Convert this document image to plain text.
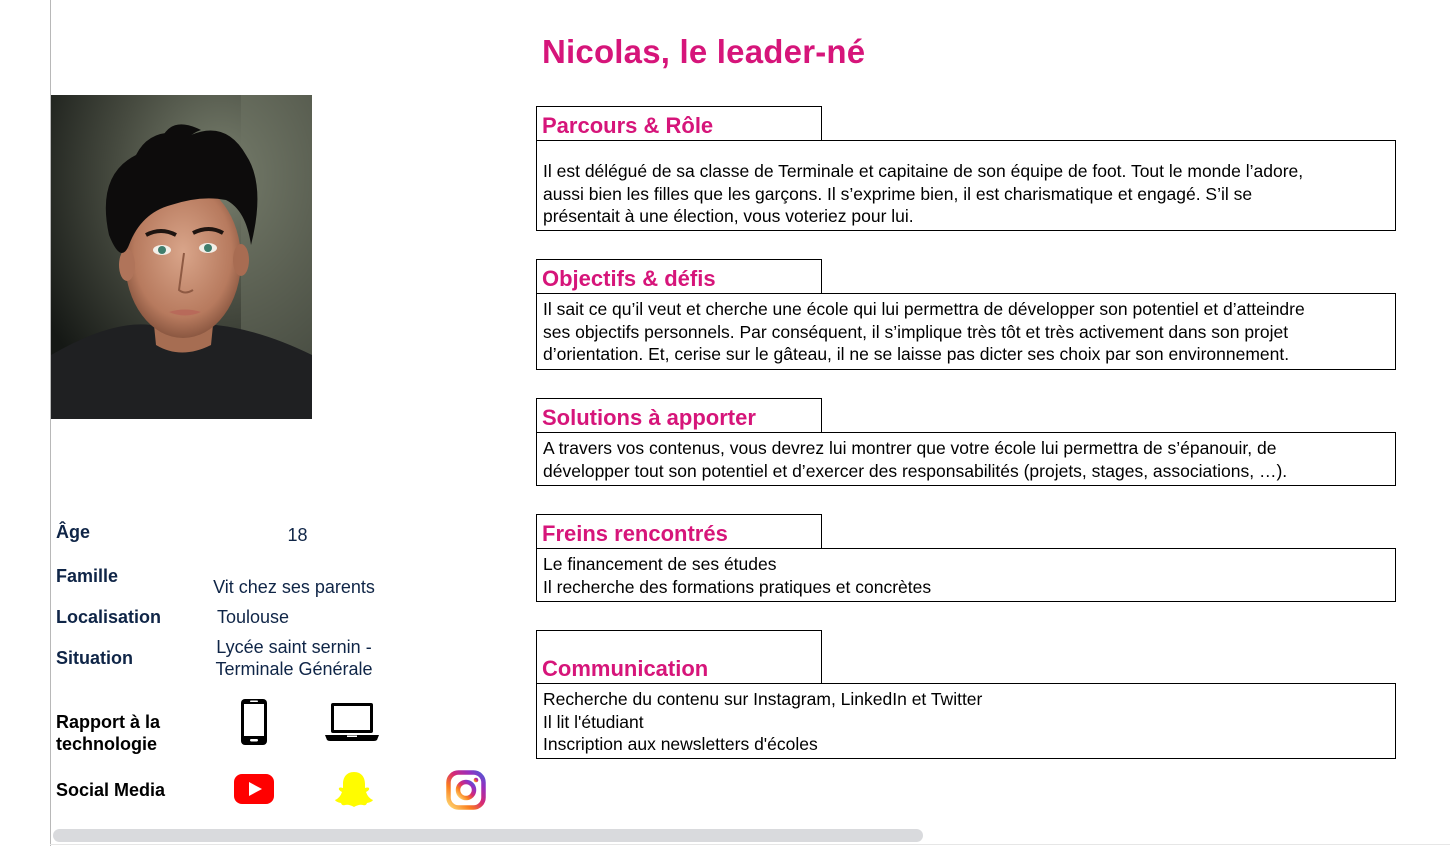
Nicolas, le leader-né
Âge	18
Famille
Vit chez ses parents
Localisation	Toulouse
Situation
Lycée saint sernin -
Terminale Générale
Rapport à la
technologie
Social Media
Parcours & Rôle
Il est délégué de sa classe de Terminale et capitaine de son équipe de foot. Tout le monde l’adore,
aussi bien les filles que les garçons. Il s’exprime bien, il est charismatique et engagé. S’il se
présentait à une élection, vous voteriez pour lui.
Objectifs & défis
Il sait ce qu’il veut et cherche une école qui lui permettra de développer son potentiel et d’atteindre
ses objectifs personnels. Par conséquent, il s’implique très tôt et très activement dans son projet
d’orientation. Et, cerise sur le gâteau, il ne se laisse pas dicter ses choix par son environnement.
Solutions à apporter
A travers vos contenus, vous devrez lui montrer que votre école lui permettra de s’épanouir, de
développer tout son potentiel et d’exercer des responsabilités (projets, stages, associations, …).
Freins rencontrés
Le financement de ses études
Il recherche des formations pratiques et concrètes
Communication
Recherche du contenu sur Instagram, LinkedIn et Twitter
Il lit l'étudiant
Inscription aux newsletters d'écoles
